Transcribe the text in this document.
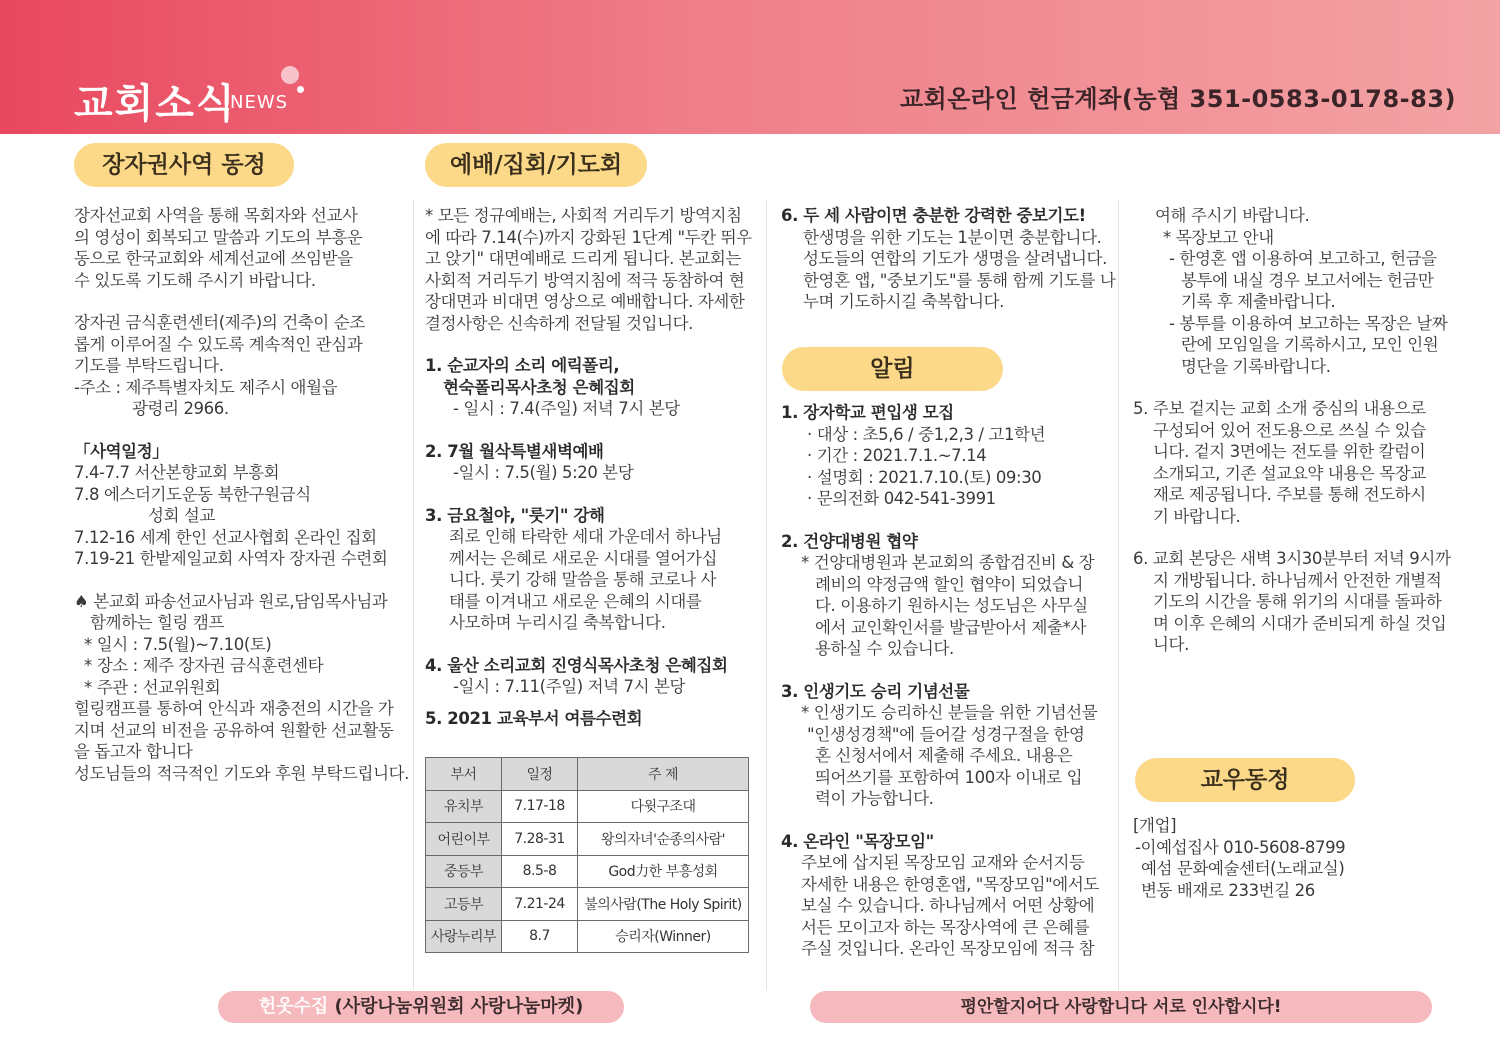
교회소식
NEWS	교회온라인 헌금계좌(농협 351-0583-0178-83)
장자권사역 동정	예배/집회/기도회
알림
교우동정

장자선교회 사역을 통해 목회자와 선교사

의 영성이 회복되고 말씀과 기도의 부흥운

동으로 한국교회와 세계선교에 쓰임받을

수 있도록 기도해 주시기 바랍니다.

장자권 금식훈련센터(제주)의 건축이 순조

롭게 이루어질 수 있도록 계속적인 관심과

기도를 부탁드립니다.

-주소 : 제주특별자치도 제주시 애월읍

광령리 2966.

「사역일정」

7.4-7.7 서산본향교회 부흥회

7.8 에스더기도운동 북한구원금식

성회 설교

7.12-16 세계 한인 선교사협회 온라인 집회

7.19-21 한밭제일교회 사역자 장자권 수련회

♠ 본교회 파송선교사님과 원로,담임목사님과

함께하는 힐링 캠프

* 일시 : 7.5(월)~7.10(토)

* 장소 : 제주 장자권 금식훈련센타

* 주관 : 선교위원회

힐링캠프를 통하여 안식과 재충전의 시간을 가

지며 선교의 비전을 공유하여 원활한 선교활동

을 돕고자 합니다

성도님들의 적극적인 기도와 후원 부탁드립니다.

* 모든 정규예배는, 사회적 거리두기 방역지침

에 따라 7.14(수)까지 강화된 1단계 "두칸 뛰우

고 앉기" 대면예배로 드리게 됩니다. 본교회는

사회적 거리두기 방역지침에 적극 동참하여 현

장대면과 비대면 영상으로 예배합니다. 자세한

결정사항은 신속하게 전달될 것입니다.

1. 순교자의 소리 에릭폴리,

현숙폴리목사초청 은혜집회

- 일시 : 7.4(주일) 저녁 7시 본당

2. 7월 월삭특별새벽예배

-일시 : 7.5(월) 5:20 본당

3. 금요철야, "룻기" 강해

죄로 인해 타락한 세대 가운데서 하나님

께서는 은혜로 새로운 시대를 열어가십

니다. 룻기 강해 말씀을 통해 코로나 사

태를 이겨내고 새로운 은혜의 시대를

사모하며 누리시길 축복합니다.

4. 울산 소리교회 진영식목사초청 은혜집회

-일시 : 7.11(주일) 저녁 7시 본당

5. 2021 교육부서 여름수련회

부서	일정	주 제
유치부	7.17-18	다윗구조대
어린이부	7.28-31	왕의자녀'순종의사람'
중등부	8.5-8	God力한 부흥성회
고등부	7.21-24	불의사람(The Holy Spirit)
사랑누리부	8.7	승리자(Winner)

6. 두 세 사람이면 충분한 강력한 중보기도!

한생명을 위한 기도는 1분이면 충분합니다.

성도들의 연합의 기도가 생명을 살려냅니다.

한영혼 앱, "중보기도"를 통해 함께 기도를 나

누며 기도하시길 축복합니다.

1. 장자학교 편입생 모집

· 대상 : 초5,6 / 중1,2,3 / 고1학년

· 기간 : 2021.7.1.~7.14

· 설명회 : 2021.7.10.(토) 09:30

· 문의전화 042-541-3991

2. 건양대병원 협약

* 건양대병원과 본교회의 종합검진비 & 장

례비의 약정금액 할인 협약이 되었습니

다. 이용하기 원하시는 성도님은 사무실

에서 교인확인서를 발급받아서 제출*사

용하실 수 있습니다.

3. 인생기도 승리 기념선물

* 인생기도 승리하신 분들을 위한 기념선물

"인생성경책"에 들어갈 성경구절을 한영

혼 신청서에서 제출해 주세요. 내용은

띄어쓰기를 포함하여 100자 이내로 입

력이 가능합니다.

4. 온라인 "목장모임"

주보에 삽지된 목장모임 교재와 순서지등

자세한 내용은 한영혼앱, "목장모임"에서도

보실 수 있습니다. 하나님께서 어떤 상황에

서든 모이고자 하는 목장사역에 큰 은혜를

주실 것입니다. 온라인 목장모임에 적극 참

여해 주시기 바랍니다.

* 목장보고 안내

- 한영혼 앱 이용하여 보고하고, 헌금을

봉투에 내실 경우 보고서에는 헌금만

기록 후 제출바랍니다.

- 봉투를 이용하여 보고하는 목장은 날짜

란에 모임일을 기록하시고, 모인 인원

명단을 기록바랍니다.

5. 주보 겉지는 교회 소개 중심의 내용으로

구성되어 있어 전도용으로 쓰실 수 있습

니다. 겉지 3면에는 전도를 위한 칼럼이

소개되고, 기존 설교요약 내용은 목장교

재로 제공됩니다. 주보를 통해 전도하시

기 바랍니다.

6. 교회 본당은 새벽 3시30분부터 저녁 9시까

지 개방됩니다. 하나님께서 안전한 개별적

기도의 시간을 통해 위기의 시대를 돌파하

며 이후 은혜의 시대가 준비되게 하실 것입

니다.

[개업]

-이예섭집사 010-5608-8799

예섬 문화예술센터(노래교실)

변동 배재로 233번길 26

헌옷수집 (사랑나눔위원회 사랑나눔마켓)	평안할지어다 사랑합니다 서로 인사합시다!
